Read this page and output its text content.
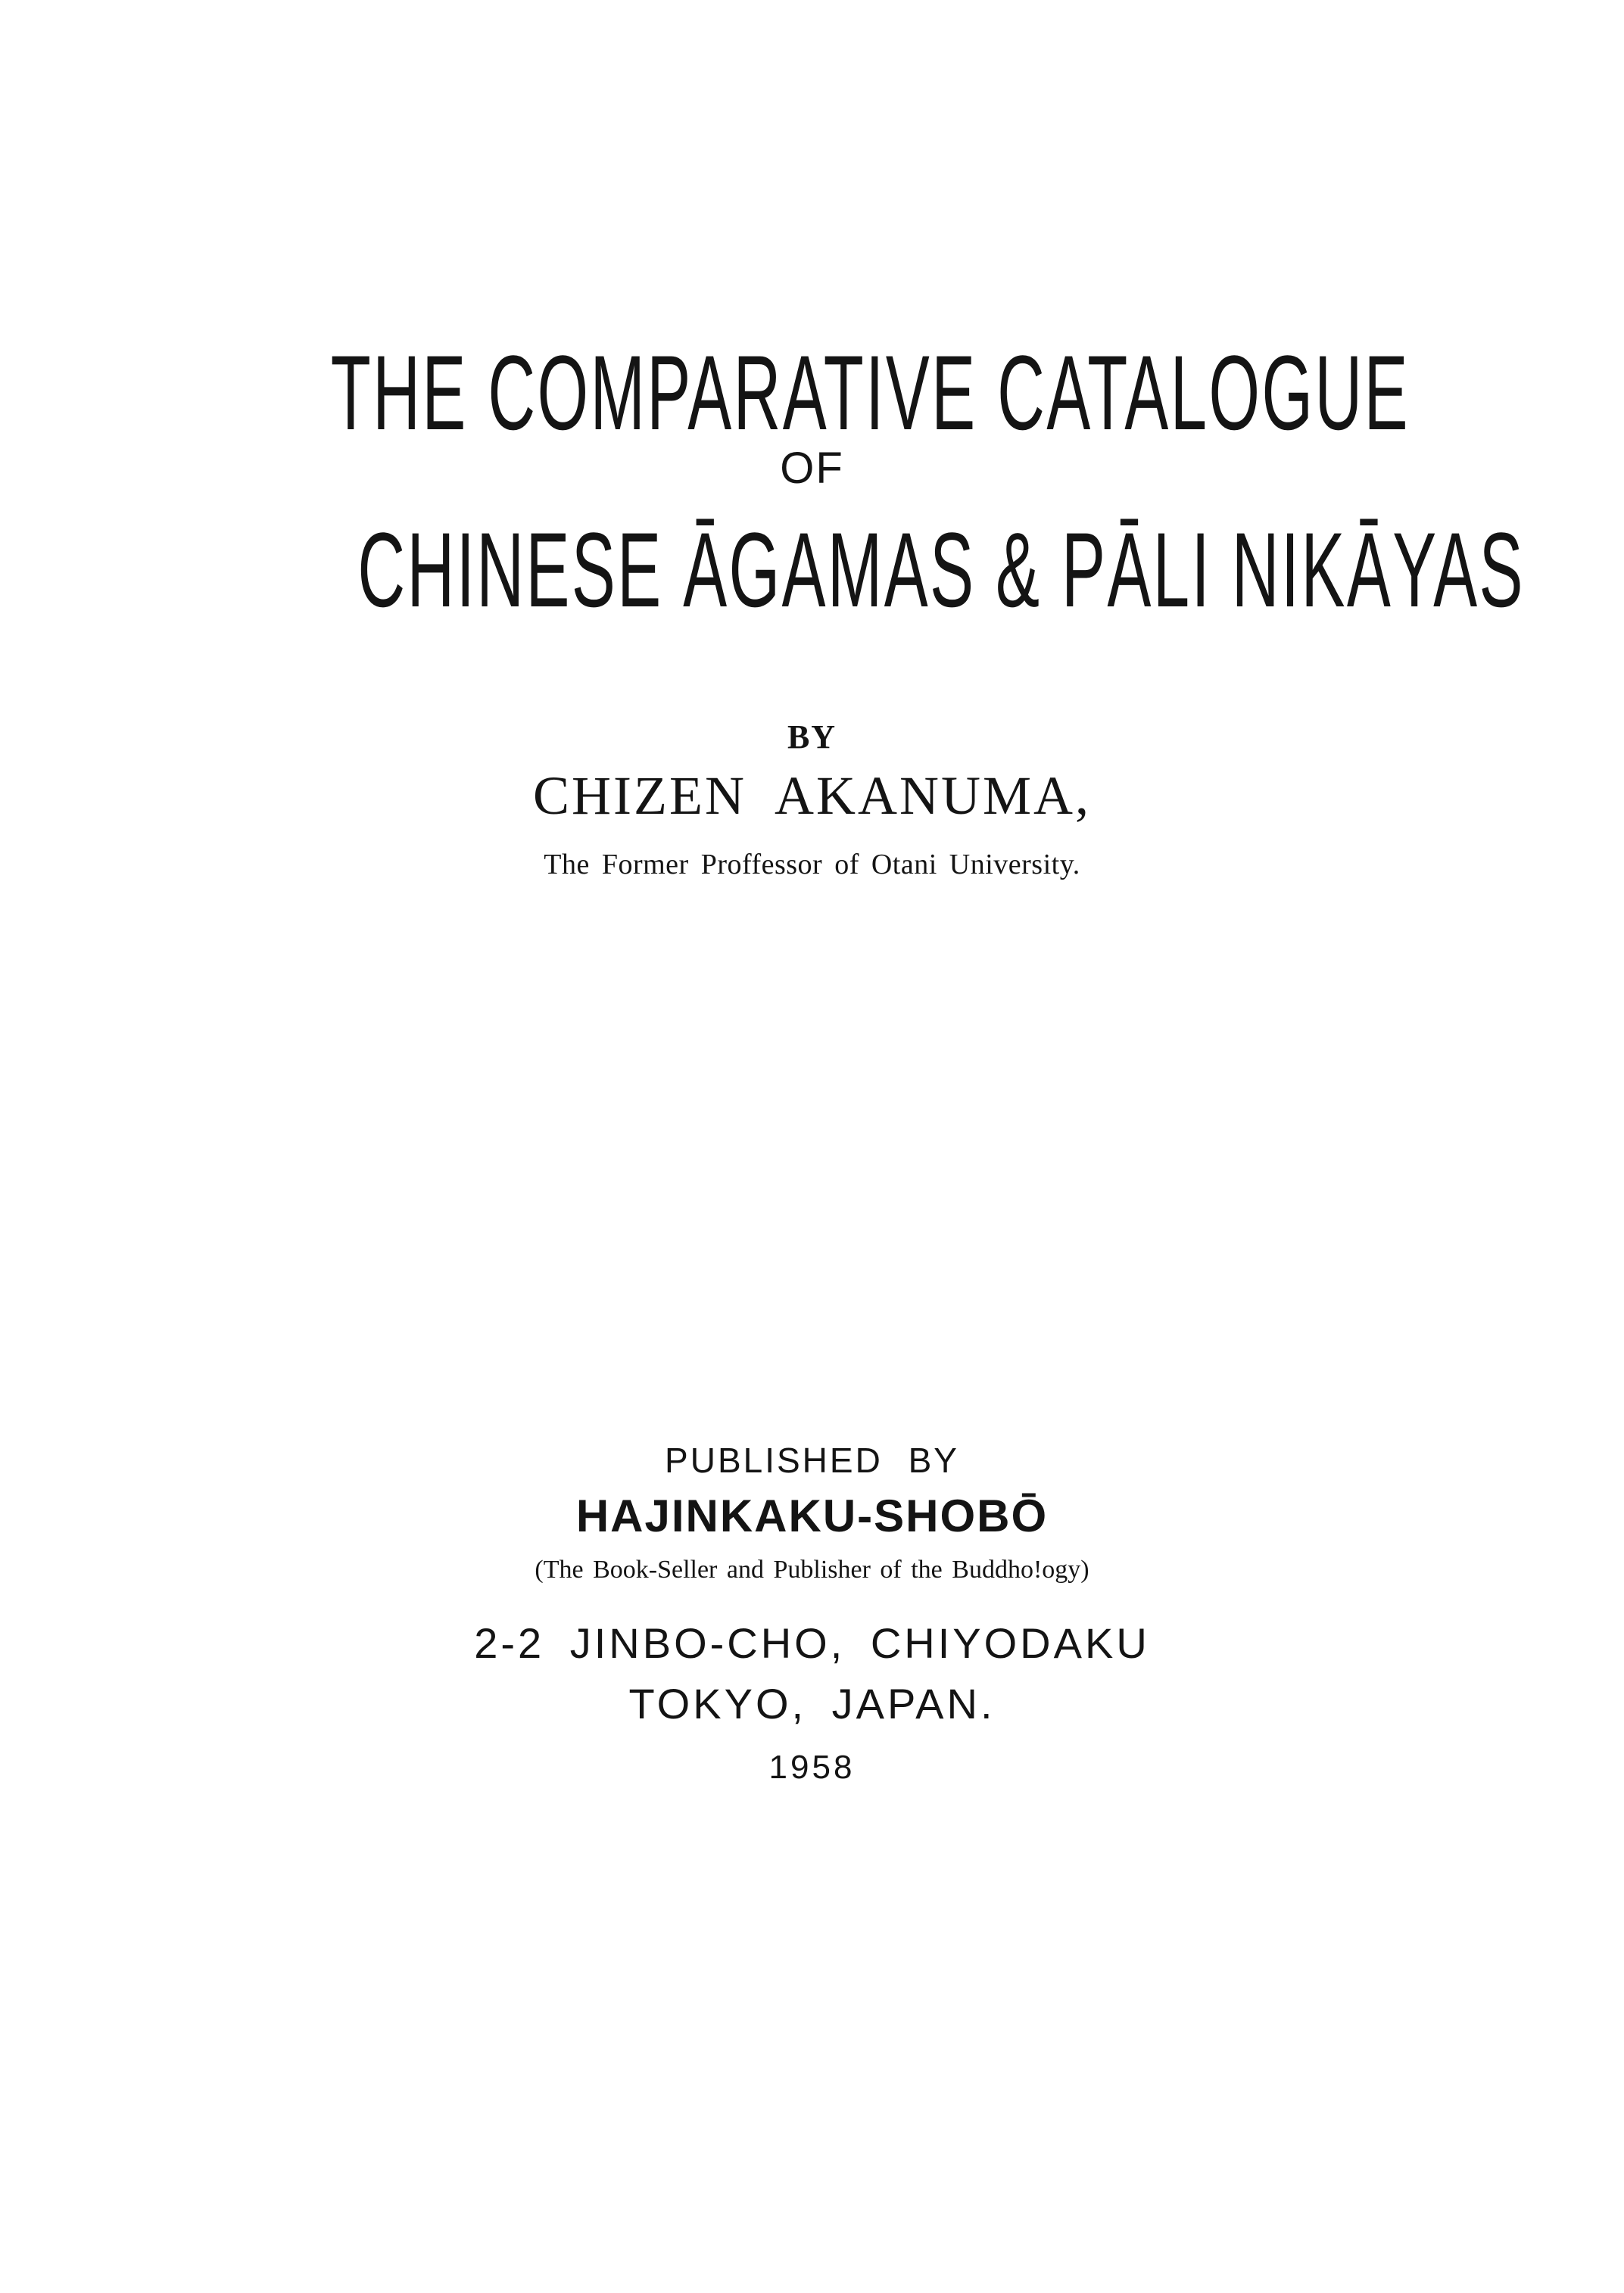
THE COMPARATIVE CATALOGUE
OF
CHINESE ĀGAMAS & PĀLI NIKĀYAS
BY
CHIZEN AKANUMA,
The Former Proffessor of Otani University.
PUBLISHED BY
HAJINKAKU-SHOBŌ
(The Book-Seller and Publisher of the Buddho!ogy)
2-2 JINBO-CHO, CHIYODAKU
TOKYO, JAPAN.
1958
